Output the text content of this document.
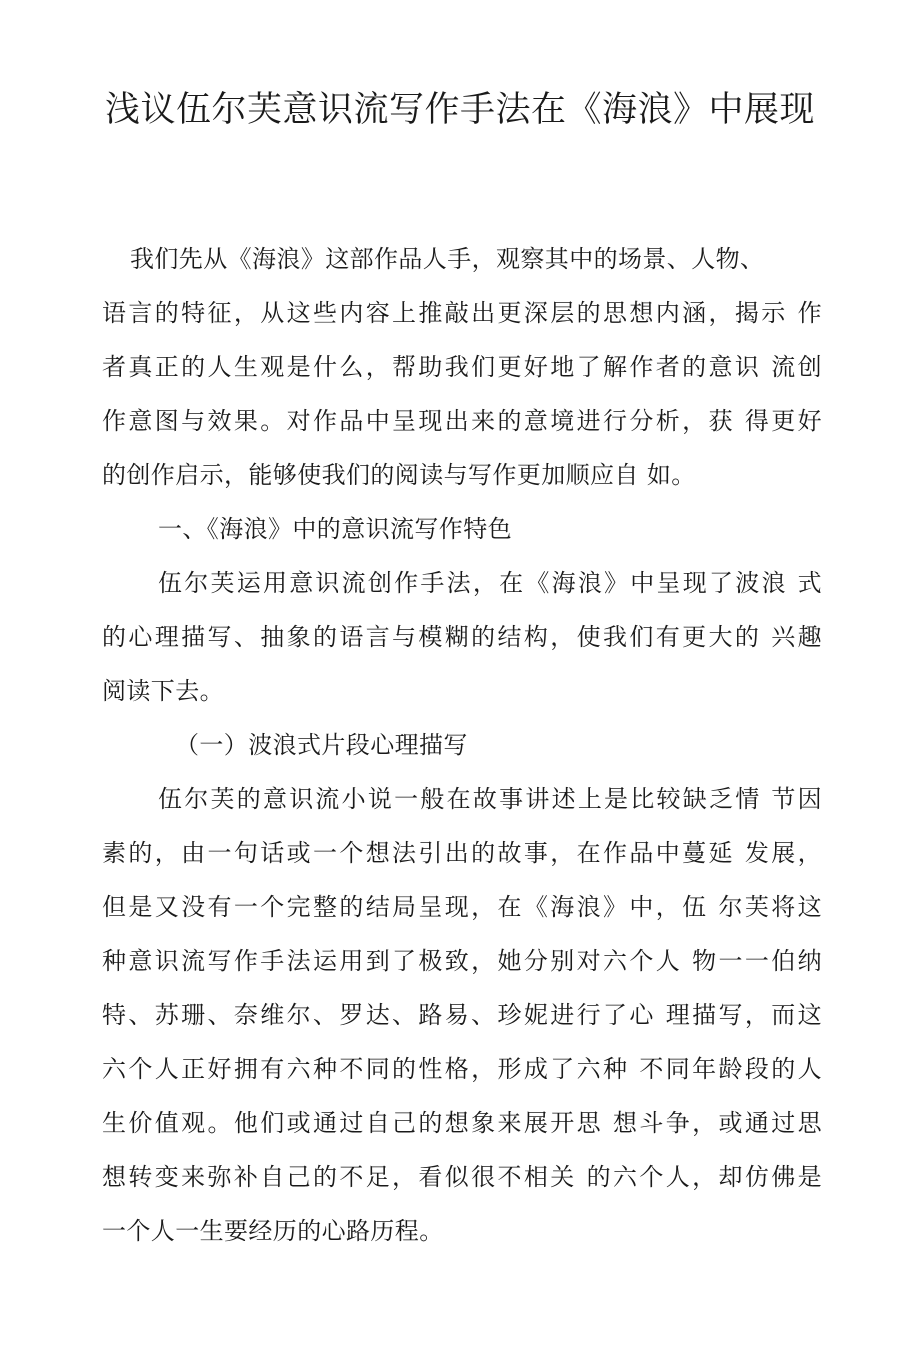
浅议伍尔芙意识流写作手法在《海浪》中展现
我们先从《海浪》这部作品人手，观察其中的场景、人物、
语言的特征，从这些内容上推敲出更深层的思想内涵，揭示 作
者真正的人生观是什么，帮助我们更好地了解作者的意识 流创
作意图与效果。对作品中呈现出来的意境进行分析，获 得更好
的创作启示，能够使我们的阅读与写作更加顺应自 如。
一、《海浪》中的意识流写作特色
伍尔芙运用意识流创作手法，在《海浪》中呈现了波浪 式
的心理描写、抽象的语言与模糊的结构，使我们有更大的 兴趣
阅读下去。
（一）波浪式片段心理描写
伍尔芙的意识流小说一般在故事讲述上是比较缺乏情 节因
素的，由一句话或一个想法引出的故事，在作品中蔓延 发展，
但是又没有一个完整的结局呈现，在《海浪》中，伍 尔芙将这
种意识流写作手法运用到了极致，她分别对六个人 物一一伯纳
特、苏珊、奈维尔、罗达、路易、珍妮进行了心 理描写，而这
六个人正好拥有六种不同的性格，形成了六种 不同年龄段的人
生价值观。他们或通过自己的想象来展开思 想斗争，或通过思
想转变来弥补自己的不足，看似很不相关 的六个人，却仿佛是
一个人一生要经历的心路历程。
